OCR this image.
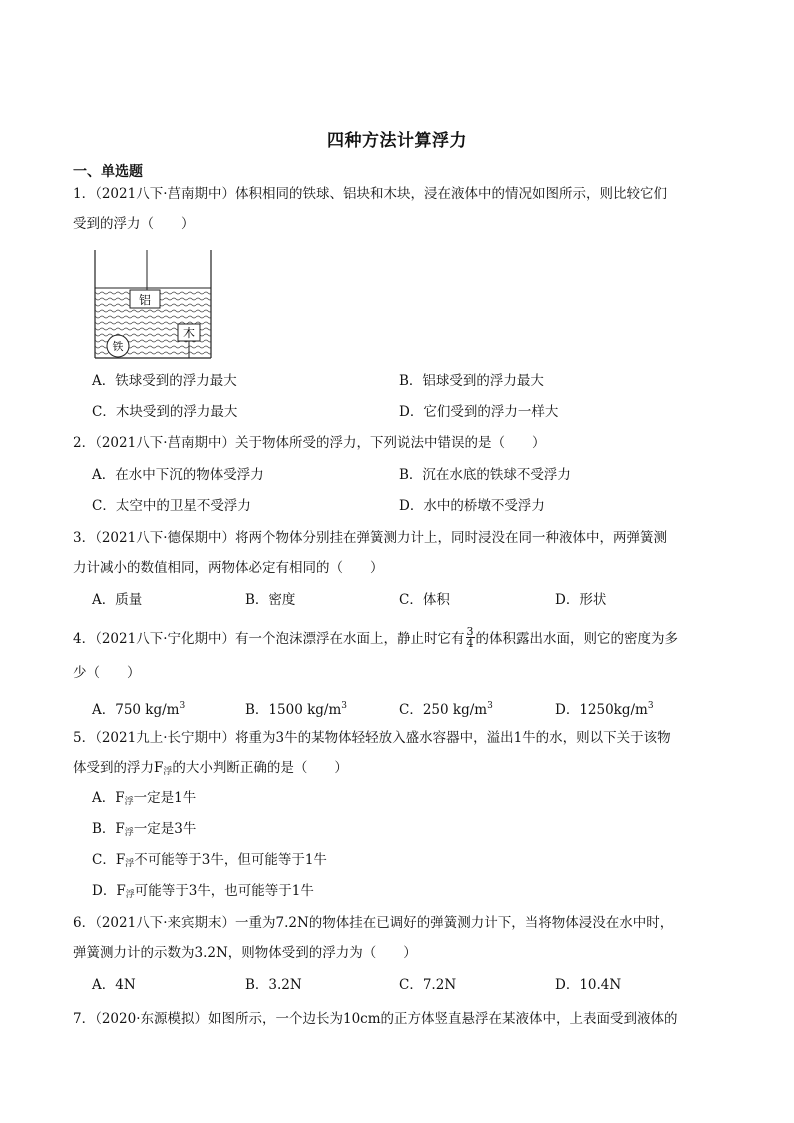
四种方法计算浮力
一、单选题
1．（2021八下·莒南期中）体积相同的铁球、铝块和木块，浸在液体中的情况如图所示，则比较它们
受到的浮力（　　）
铝
木
铁
A．铁球受到的浮力最大	B．铝球受到的浮力最大
C．木块受到的浮力最大	D．它们受到的浮力一样大
2．（2021八下·莒南期中）关于物体所受的浮力，下列说法中错误的是（　　）
A．在水中下沉的物体受浮力	B．沉在水底的铁球不受浮力
C．太空中的卫星不受浮力	D．水中的桥墩不受浮力
3．（2021八下·德保期中）将两个物体分别挂在弹簧测力计上，同时浸没在同一种液体中，两弹簧测
力计减小的数值相同，两物体必定有相同的（　　）
A．质量	B．密度	C．体积	D．形状
4．（2021八下·宁化期中）有一个泡沫漂浮在水面上，静止时它有 $\frac{3}{4}$ 的体积露出水面，则它的密度为多
少（　　）
A．750 $kg/m^3$	B．1500 $kg/m^3$	C．250 $kg/m^3$	D．$1250kg/m^3$
5．（2021九上·长宁期中）将重为3牛的某物体轻轻放入盛水容器中，溢出1牛的水，则以下关于该物
体受到的浮力$F_浮$的大小判断正确的是（　　）
A．$F_浮$一定是1牛
B．$F_浮$一定是3牛
C．$F_浮$不可能等于3牛，但可能等于1牛
D．$F_浮$可能等于3牛，也可能等于1牛
6．（2021八下·来宾期末）一重为7.2N的物体挂在已调好的弹簧测力计下，当将物体浸没在水中时，
弹簧测力计的示数为3.2N，则物体受到的浮力为（　　）
A．4N	B．3.2N	C．7.2N	D．10.4N
7．（2020·东源模拟）如图所示，一个边长为10cm的正方体竖直悬浮在某液体中，上表面受到液体的
